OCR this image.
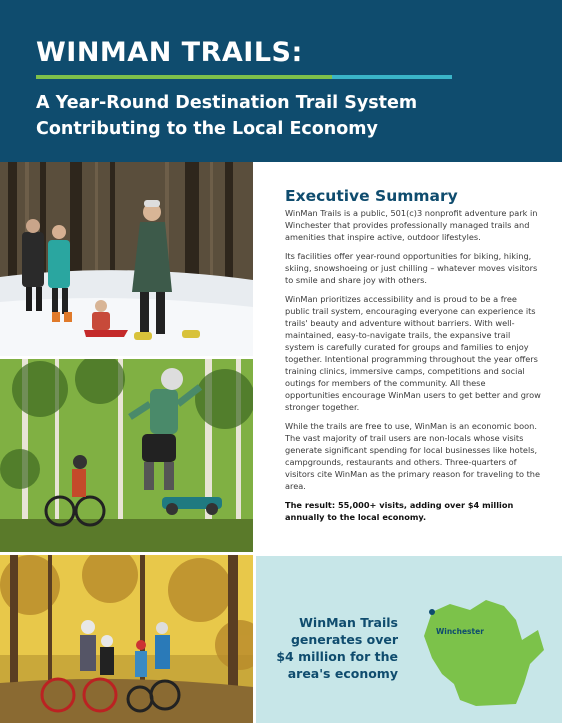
WINMAN TRAILS:
A Year-Round Destination Trail System Contributing to the Local Economy
Executive Summary

WinMan Trails is a public, 501(c)3 nonprofit adventure park in Winchester that provides professionally managed trails and amenities that inspire active, outdoor lifestyles.

Its facilities offer year-round opportunities for biking, hiking, skiing, snowshoeing or just chilling – whatever moves visitors to smile and share joy with others.

WinMan prioritizes accessibility and is proud to be a free public trail system, encouraging everyone can experience its trails' beauty and adventure without barriers. With well-maintained, easy-to-navigate trails, the expansive trail system is carefully curated for groups and families to enjoy together. Intentional programming throughout the year offers training clinics, immersive camps, competitions and social outings for members of the community. All these opportunities encourage WinMan users to get better and grow stronger together.

While the trails are free to use, WinMan is an economic boon. The vast majority of trail users are non-locals whose visits generate significant spending for local businesses like hotels, campgrounds, restaurants and others. Three-quarters of visitors cite WinMan as the primary reason for traveling to the area.

The result: 55,000+ visits, adding over $4 million annually to the local economy.

WinMan Trails generates over $4 million for the area's economy
Winchester
